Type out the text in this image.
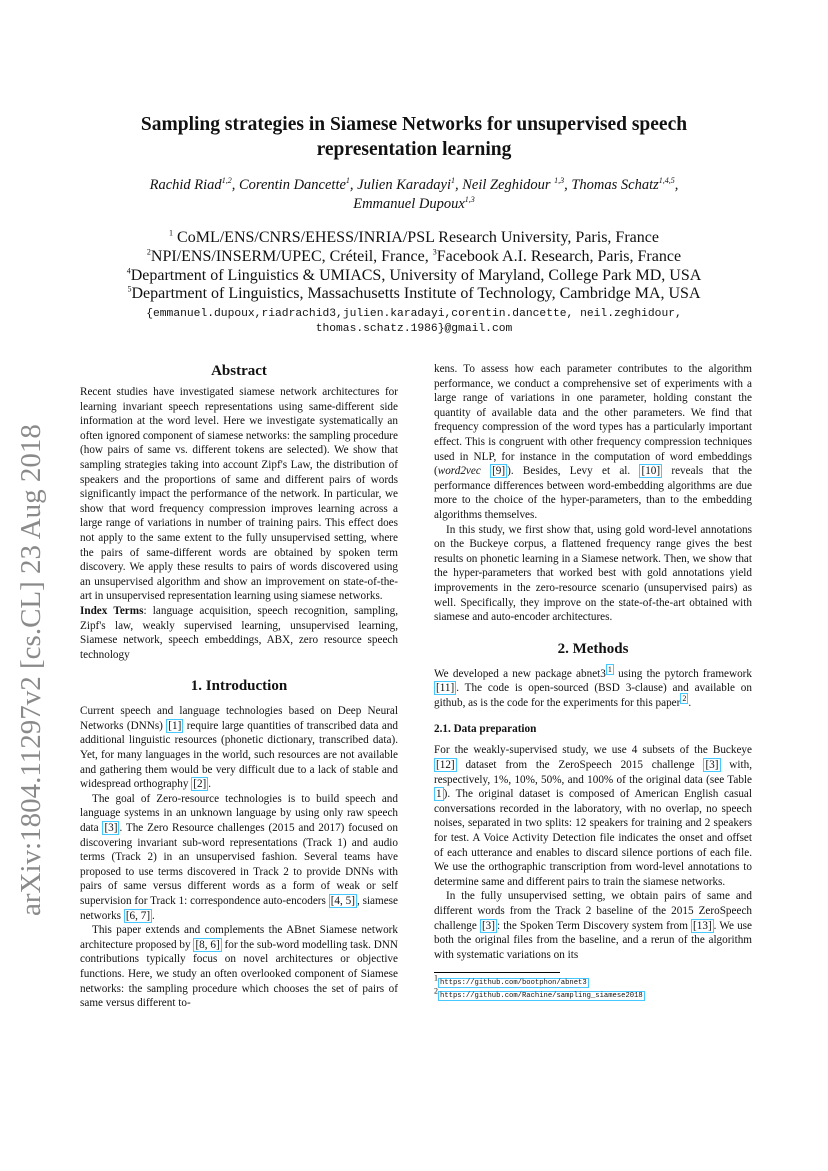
arXiv:1804.11297v2 [cs.CL] 23 Aug 2018
Sampling strategies in Siamese Networks for unsupervised speech
representation learning
Rachid Riad$^{1,2}$, Corentin Dancette$^1$, Julien Karadayi$^1$, Neil Zeghidour $^{1,3}$, Thomas Schatz$^{1,4,5}$,
Emmanuel Dupoux$^{1,3}$
$^1$ CoML/ENS/CNRS/EHESS/INRIA/PSL Research University, Paris, France
$^2$NPI/ENS/INSERM/UPEC, Créteil, France, $^3$Facebook A.I. Research, Paris, France
$^4$Department of Linguistics & UMIACS, University of Maryland, College Park MD, USA
$^5$Department of Linguistics, Massachusetts Institute of Technology, Cambridge MA, USA
{emmanuel.dupoux,riadrachid3,julien.karadayi,corentin.dancette, neil.zeghidour,
thomas.schatz.1986}@gmail.com
Abstract

Recent studies have investigated siamese network architectures for learning invariant speech representations using same-different side information at the word level. Here we investigate systematically an often ignored component of siamese networks: the sampling procedure (how pairs of same vs. different tokens are selected). We show that sampling strategies taking into account Zipf's Law, the distribution of speakers and the proportions of same and different pairs of words significantly impact the performance of the network. In particular, we show that word frequency compression improves learning across a large range of variations in number of training pairs. This effect does not apply to the same extent to the fully unsupervised setting, where the pairs of same-different words are obtained by spoken term discovery. We apply these results to pairs of words discovered using an unsupervised algorithm and show an improvement on state-of-the-art in unsupervised representation learning using siamese networks.

Index Terms: language acquisition, speech recognition, sampling, Zipf's law, weakly supervised learning, unsupervised learning, Siamese network, speech embeddings, ABX, zero resource speech technology

1. Introduction

Current speech and language technologies based on Deep Neural Networks (DNNs) [1] require large quantities of transcribed data and additional linguistic resources (phonetic dictionary, transcribed data). Yet, for many languages in the world, such resources are not available and gathering them would be very difficult due to a lack of stable and widespread orthography [2] .

The goal of Zero-resource technologies is to build speech and language systems in an unknown language by using only raw speech data [3] . The Zero Resource challenges (2015 and 2017) focused on discovering invariant sub-word representations (Track 1) and audio terms (Track 2) in an unsupervised fashion. Several teams have proposed to use terms discovered in Track 2 to provide DNNs with pairs of same versus different words as a form of weak or self supervision for Track 1: correspondence auto-encoders [4, 5] , siamese networks [6, 7] .

This paper extends and complements the ABnet Siamese network architecture proposed by [8, 6] for the sub-word modelling task. DNN contributions typically focus on novel architectures or objective functions. Here, we study an often overlooked component of Siamese networks: the sampling procedure which chooses the set of pairs of same versus different to-

kens. To assess how each parameter contributes to the algorithm performance, we conduct a comprehensive set of experiments with a large range of variations in one parameter, holding constant the quantity of available data and the other parameters. We find that frequency compression of the word types has a particularly important effect. This is congruent with other frequency compression techniques used in NLP, for instance in the computation of word embeddings (word2vec [9] ). Besides, Levy et al. [10] reveals that the performance differences between word-embedding algorithms are due more to the choice of the hyper-parameters, than to the embedding algorithms themselves.

In this study, we first show that, using gold word-level annotations on the Buckeye corpus, a flattened frequency range gives the best results on phonetic learning in a Siamese network. Then, we show that the hyper-parameters that worked best with gold annotations yield improvements in the zero-resource scenario (unsupervised pairs) as well. Specifically, they improve on the state-of-the-art obtained with siamese and auto-encoder architectures.

2. Methods

We developed a new package abnet3 $^1$ using the pytorch framework [11] . The code is open-sourced (BSD 3-clause) and available on github, as is the code for the experiments for this paper $^2$ .

2.1. Data preparation

For the weakly-supervised study, we use 4 subsets of the Buckeye [12] dataset from the ZeroSpeech 2015 challenge [3] with, respectively, 1%, 10%, 50%, and 100% of the original data (see Table 1 ). The original dataset is composed of American English casual conversations recorded in the laboratory, with no overlap, no speech noises, separated in two splits: 12 speakers for training and 2 speakers for test. A Voice Activity Detection file indicates the onset and offset of each utterance and enables to discard silence portions of each file. We use the orthographic transcription from word-level annotations to determine same and different pairs to train the siamese networks.

In the fully unsupervised setting, we obtain pairs of same and different words from the Track 2 baseline of the 2015 ZeroSpeech challenge [3] : the Spoken Term Discovery system from [13] . We use both the original files from the baseline, and a rerun of the algorithm with systematic variations on its

$^1$https://github.com/bootphon/abnet3
$^2$https://github.com/Rachine/sampling_siamese2018
